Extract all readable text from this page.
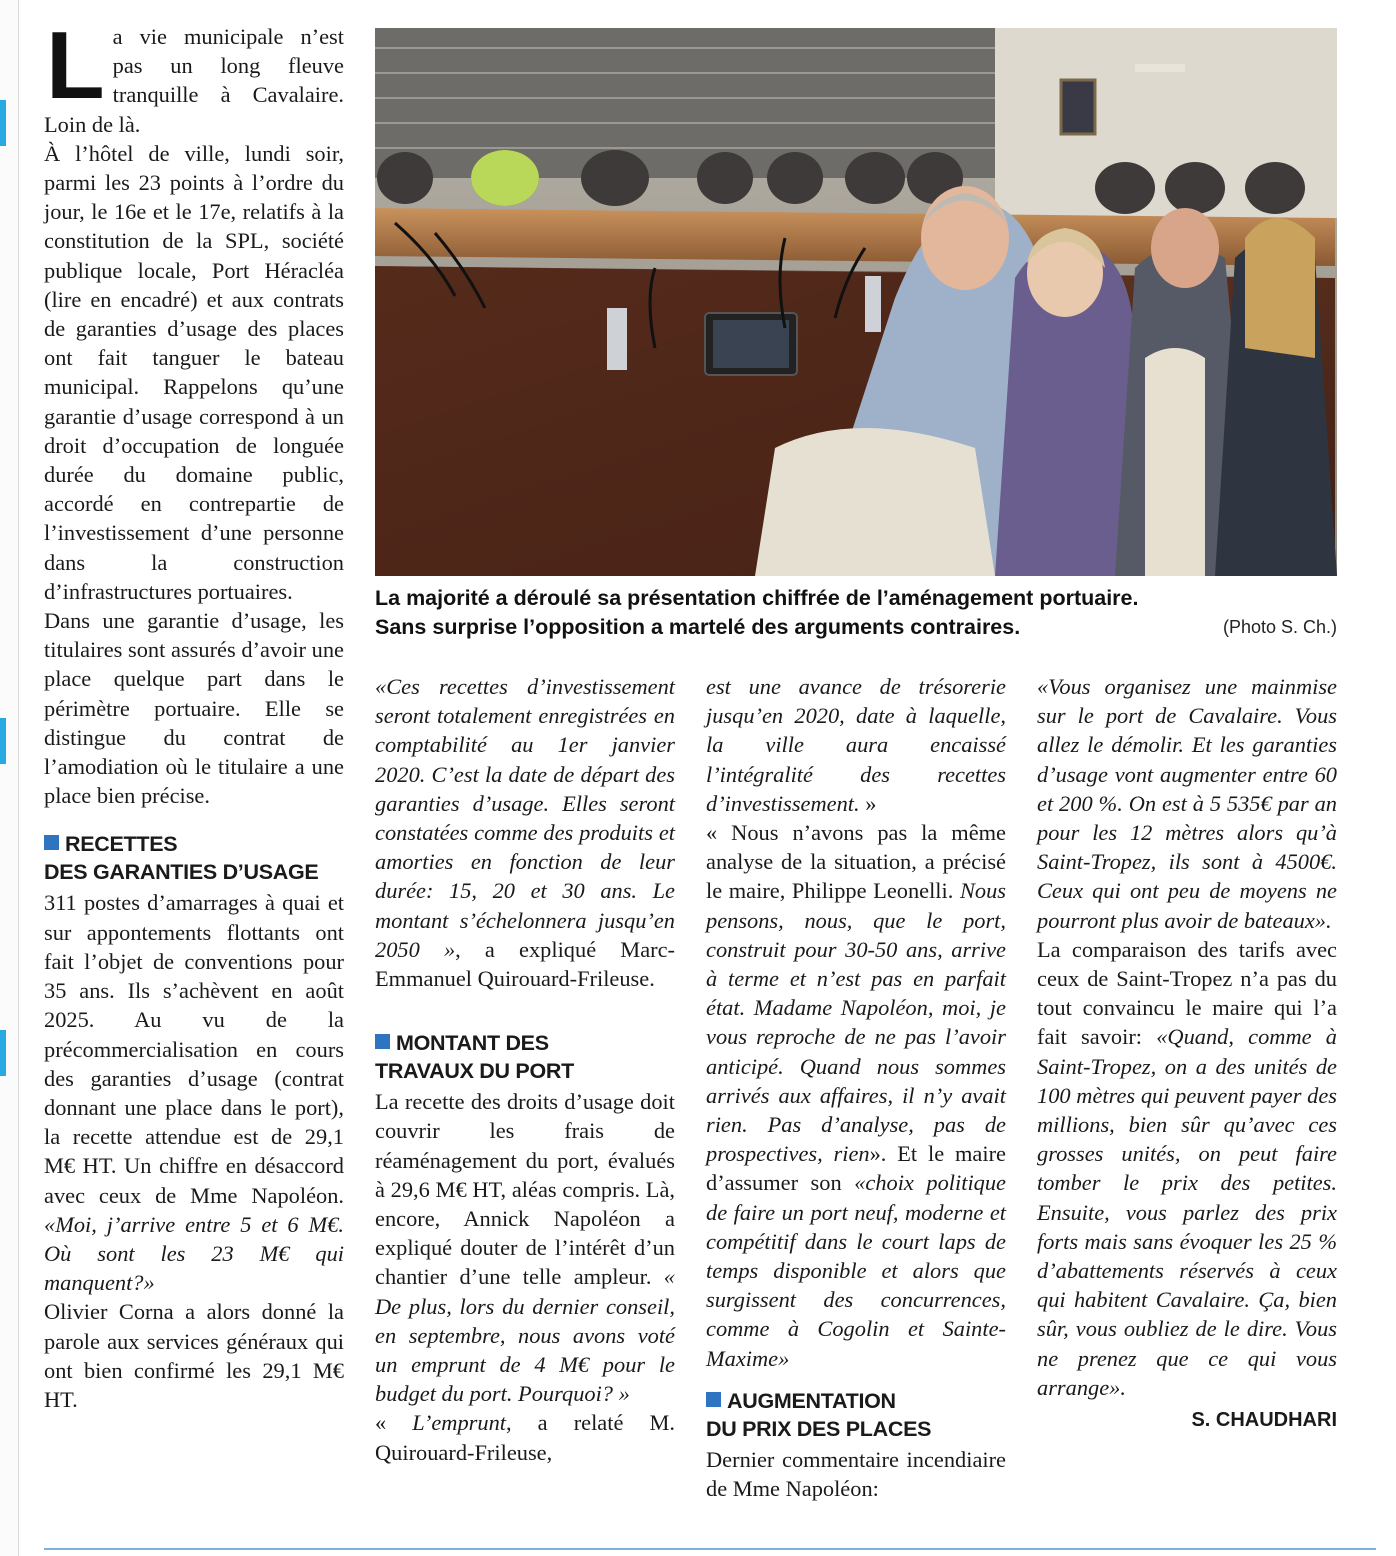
La vie municipale n’est pas un long fleuve tranquille à Cavalaire. Loin de là.

À l’hôtel de ville, lundi soir, parmi les 23 points à l’ordre du jour, le 16e et le 17e, relatifs à la constitution de la SPL, société publique locale, Port Héracléa (lire en encadré) et aux contrats de garanties d’usage des places ont fait tanguer le bateau municipal. Rappelons qu’une garantie d’usage correspond à un droit d’occupation de longuée durée du domaine public, accordé en contrepartie de l’investissement d’une personne dans la construction d’infrastructures portuaires.

Dans une garantie d’usage, les titulaires sont assurés d’avoir une place quelque part dans le périmètre portuaire. Elle se distingue du contrat de l’amodiation où le titulaire a une place bien précise.

RECETTES
DES GARANTIES D’USAGE

311 postes d’amarrages à quai et sur appontements flottants ont fait l’objet de conventions pour 35 ans. Ils s’achèvent en août 2025. Au vu de la précommercialisation en cours des garanties d’usage (contrat donnant une place dans le port), la recette attendue est de 29,1 M€ HT. Un chiffre en désaccord avec ceux de Mme Napoléon. «Moi, j’arrive entre 5 et 6 M€. Où sont les 23 M€ qui manquent?»

Olivier Corna a alors donné la parole aux services généraux qui ont bien confirmé les 29,1 M€ HT.

La majorité a déroulé sa présentation chiffrée de l’aménagement portuaire.
Sans surprise l’opposition a martelé des arguments contraires.	(Photo S. Ch.)

«Ces recettes d’investissement seront totalement enregistrées en comptabilité au 1er janvier 2020. C’est la date de départ des garanties d’usage. Elles seront constatées comme des produits et amorties en fonction de leur durée: 15, 20 et 30 ans. Le montant s’échelonnera jusqu’en 2050 », a expliqué Marc-Emmanuel Quirouard-Frileuse.

MONTANT DES
TRAVAUX DU PORT

La recette des droits d’usage doit couvrir les frais de réaménagement du port, évalués à 29,6 M€ HT, aléas compris. Là, encore, Annick Napoléon a expliqué douter de l’intérêt d’un chantier d’une telle ampleur. « De plus, lors du dernier conseil, en septembre, nous avons voté un emprunt de 4 M€ pour le budget du port. Pourquoi? »

« L’emprunt, a relaté M. Quirouard-Frileuse,

est une avance de trésorerie jusqu’en 2020, date à laquelle, la ville aura encaissé l’intégralité des recettes d’investissement. »

« Nous n’avons pas la même analyse de la situation, a précisé le maire, Philippe Leonelli. Nous pensons, nous, que le port, construit pour 30-50 ans, arrive à terme et n’est pas en parfait état. Madame Napoléon, moi, je vous reproche de ne pas l’avoir anticipé. Quand nous sommes arrivés aux affaires, il n’y avait rien. Pas d’analyse, pas de prospectives, rien». Et le maire d’assumer son «choix politique de faire un port neuf, moderne et compétitif dans le court laps de temps disponible et alors que surgissent des concurrences, comme à Cogolin et Sainte-Maxime»

AUGMENTATION
DU PRIX DES PLACES

Dernier commentaire incendiaire de Mme Napoléon:

«Vous organisez une mainmise sur le port de Cavalaire. Vous allez le démolir. Et les garanties d’usage vont augmenter entre 60 et 200 %. On est à 5 535€ par an pour les 12 mètres alors qu’à Saint-Tropez, ils sont à 4500€. Ceux qui ont peu de moyens ne pourront plus avoir de bateaux».

La comparaison des tarifs avec ceux de Saint-Tropez n’a pas du tout convaincu le maire qui l’a fait savoir: «Quand, comme à Saint-Tropez, on a des unités de 100 mètres qui peuvent payer des millions, bien sûr qu’avec ces grosses unités, on peut faire tomber le prix des petites. Ensuite, vous parlez des prix forts mais sans évoquer les 25 % d’abattements réservés à ceux qui habitent Cavalaire. Ça, bien sûr, vous oubliez de le dire. Vous ne prenez que ce qui vous arrange».

S. CHAUDHARI
